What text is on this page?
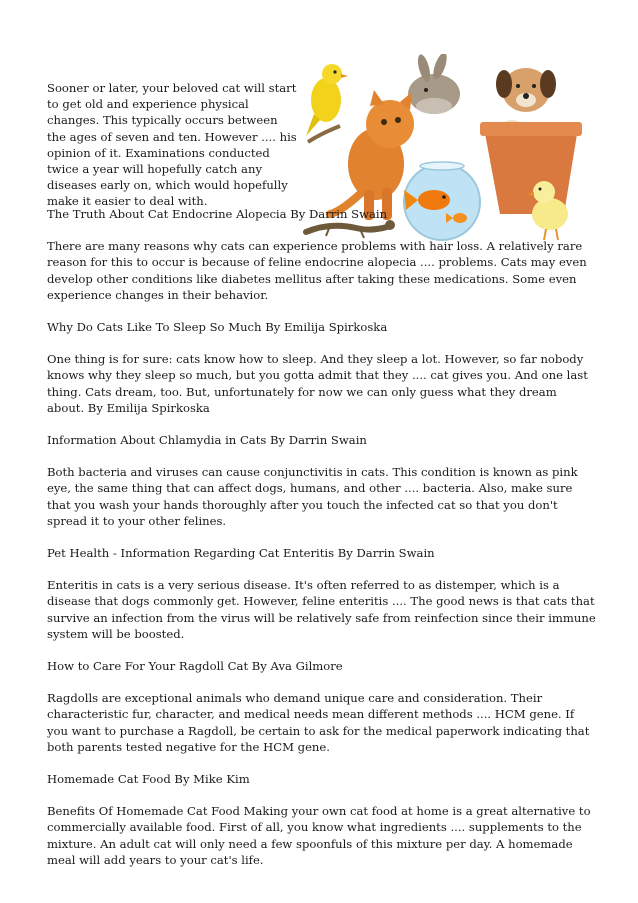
Sooner or later, your beloved cat will start to get old and experience physical changes. This typically occurs between the ages of seven and ten. However .... his opinion of it. Examinations conducted twice a year will hopefully catch any diseases early on, which would hopefully make it easier to deal with.

The Truth About Cat Endocrine Alopecia By Darrin Swain

There are many reasons why cats can experience problems with hair loss. A relatively rare reason for this to occur is because of feline endocrine alopecia .... problems. Cats may even develop other conditions like diabetes mellitus after taking these medications. Some even experience changes in their behavior.

Why Do Cats Like To Sleep So Much By Emilija Spirkoska

One thing is for sure: cats know how to sleep. And they sleep a lot. However, so far nobody knows why they sleep so much, but you gotta admit that they .... cat gives you. And one last thing. Cats dream, too. But, unfortunately for now we can only guess what they dream about. By Emilija Spirkoska

Information About Chlamydia in Cats By Darrin Swain

Both bacteria and viruses can cause conjunctivitis in cats. This condition is known as pink eye, the same thing that can affect dogs, humans, and other .... bacteria. Also, make sure that you wash your hands thoroughly after you touch the infected cat so that you don't spread it to your other felines.

Pet Health - Information Regarding Cat Enteritis By Darrin Swain

Enteritis in cats is a very serious disease. It's often referred to as distemper, which is a disease that dogs commonly get. However, feline enteritis .... The good news is that cats that survive an infection from the virus will be relatively safe from reinfection since their immune system will be boosted.

How to Care For Your Ragdoll Cat By Ava Gilmore

Ragdolls are exceptional animals who demand unique care and consideration. Their characteristic fur, character, and medical needs mean different methods .... HCM gene. If you want to purchase a Ragdoll, be certain to ask for the medical paperwork indicating that both parents tested negative for the HCM gene.

Homemade Cat Food By Mike Kim

Benefits Of Homemade Cat Food Making your own cat food at home is a great alternative to commercially available food. First of all, you know what ingredients .... supplements to the mixture. An adult cat will only need a few spoonfuls of this mixture per day. A homemade meal will add years to your cat's life.
